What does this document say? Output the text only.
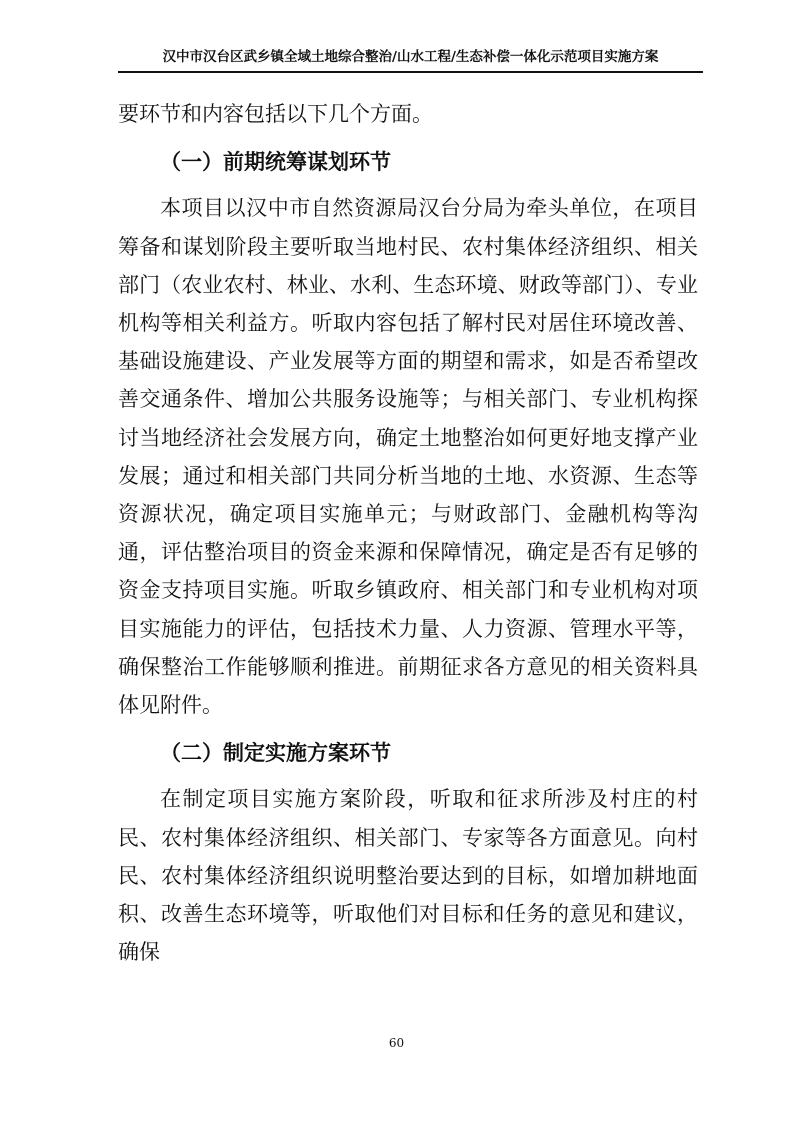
汉中市汉台区武乡镇全域土地综合整治/山水工程/生态补偿一体化示范项目实施方案

要环节和内容包括以下几个方面。

（一）前期统筹谋划环节

本项目以汉中市自然资源局汉台分局为牵头单位，在项目筹备和谋划阶段主要听取当地村民、农村集体经济组织、相关部门（农业农村、林业、水利、生态环境、财政等部门）、专业机构等相关利益方。听取内容包括了解村民对居住环境改善、基础设施建设、产业发展等方面的期望和需求，如是否希望改善交通条件、增加公共服务设施等；与相关部门、专业机构探讨当地经济社会发展方向，确定土地整治如何更好地支撑产业发展；通过和相关部门共同分析当地的土地、水资源、生态等资源状况，确定项目实施单元；与财政部门、金融机构等沟通，评估整治项目的资金来源和保障情况，确定是否有足够的资金支持项目实施。听取乡镇政府、相关部门和专业机构对项目实施能力的评估，包括技术力量、人力资源、管理水平等，确保整治工作能够顺利推进。前期征求各方意见的相关资料具体见附件。

（二）制定实施方案环节

在制定项目实施方案阶段，听取和征求所涉及村庄的村民、农村集体经济组织、相关部门、专家等各方面意见。向村民、农村集体经济组织说明整治要达到的目标，如增加耕地面积、改善生态环境等，听取他们对目标和任务的意见和建议，确保

60
